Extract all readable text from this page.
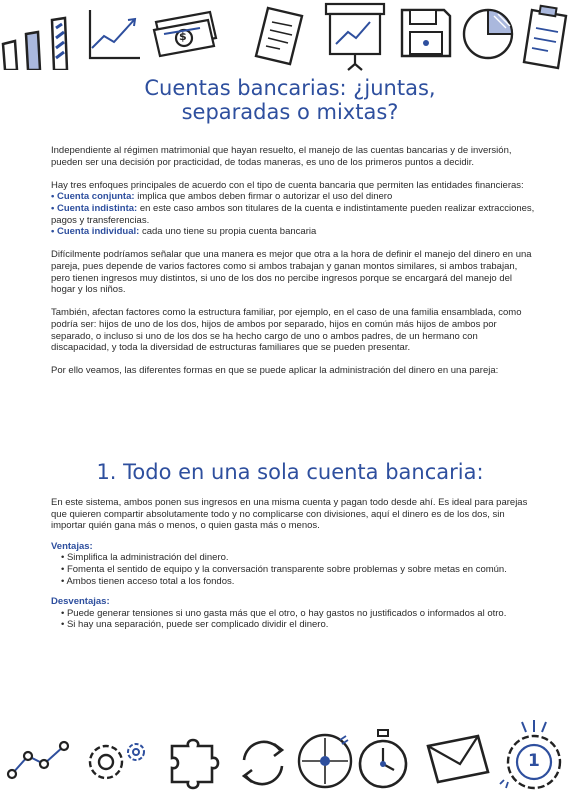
$
Cuentas bancarias: ¿juntas,
separadas o mixtas?

Independiente al régimen matrimonial que hayan resuelto, el manejo de las cuentas bancarias y de inversión, pueden ser una decisión por practicidad, de todas maneras, es uno de los primeros puntos a decidir.

Hay tres enfoques principales de acuerdo con el tipo de cuenta bancaria que permiten las entidades financieras:
• Cuenta conjunta: implica que ambos deben firmar o autorizar el uso del dinero
• Cuenta indistinta: en este caso ambos son titulares de la cuenta e indistintamente pueden realizar extracciones, pagos y transferencias.
• Cuenta individual: cada uno tiene su propia cuenta bancaria

Difícilmente podríamos señalar que una manera es mejor que otra a la hora de definir el manejo del dinero en una pareja, pues depende de varios factores como si ambos trabajan y ganan montos similares, si ambos trabajan, pero tienen ingresos muy distintos, si uno de los dos no percibe ingresos porque se encargará del manejo del hogar y los niños.

También, afectan factores como la estructura familiar, por ejemplo, en el caso de una familia ensamblada, como podría ser: hijos de uno de los dos, hijos de ambos por separado, hijos en común más hijos de ambos por separado, o incluso si uno de los dos se ha hecho cargo de uno o ambos padres, de un hermano con discapacidad, y toda la diversidad de estructuras familiares que se pueden presentar.

Por ello veamos, las diferentes formas en que se puede aplicar la administración del dinero en una pareja:

1. Todo en una sola cuenta bancaria:

En este sistema, ambos ponen sus ingresos en una misma cuenta y pagan todo desde ahí. Es ideal para parejas que quieren compartir absolutamente todo y no complicarse con divisiones, aquí el dinero es de los dos, sin importar quién gana más o menos, o quien gasta más o menos.

Ventajas:
• Simplifica la administración del dinero.
• Fomenta el sentido de equipo y la conversación transparente sobre problemas y sobre metas en común.
• Ambos tienen acceso total a los fondos.
Desventajas:
• Puede generar tensiones si uno gasta más que el otro, o hay gastos no justificados o informados al otro.
• Si hay una separación, puede ser complicado dividir el dinero.
1
